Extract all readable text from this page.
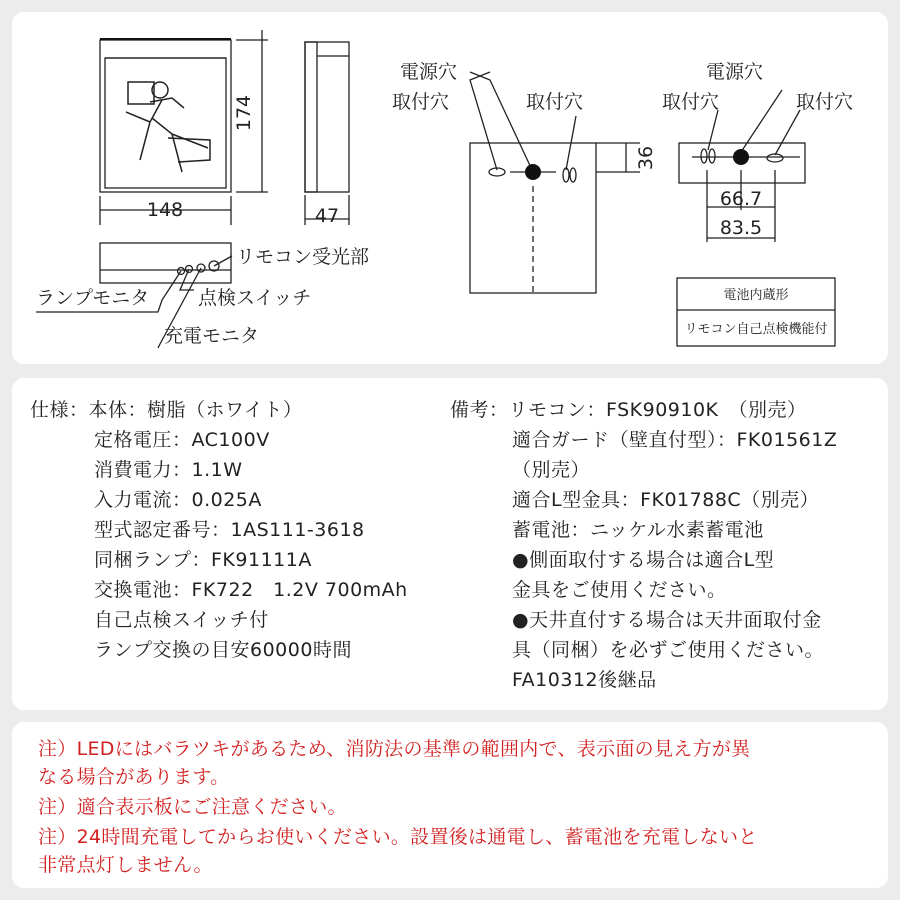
174
148	47
36
66.7
83.5
リモコン受光部
ランプモニタ	点検スイッチ
充電モニタ
電源穴
取付穴	取付穴
電源穴
取付穴	取付穴
電池内蔵形
リモコン自己点検機能付
仕様：本体：樹脂（ホワイト）
定格電圧：AC100V
消費電力：1.1W
入力電流：0.025A
型式認定番号：1AS111-3618
同梱ランプ：FK91111A
交換電池：FK722　1.2V 700mAh
自己点検スイッチ付
ランプ交換の目安60000時間
備考：リモコン：FSK90910K　（別売）
適合ガード（壁直付型）：FK01561Z
（別売）
適合L型金具：FK01788C（別売）
蓄電池：ニッケル水素蓄電池
●側面取付する場合は適合L型
金具をご使用ください。
●天井直付する場合は天井面取付金
具（同梱）を必ずご使用ください。
FA10312後継品
注）LEDにはバラツキがあるため、消防法の基準の範囲内で、表示面の見え方が異
なる場合があります。
注）適合表示板にご注意ください。
注）24時間充電してからお使いください。設置後は通電し、蓄電池を充電しないと
非常点灯しません。
